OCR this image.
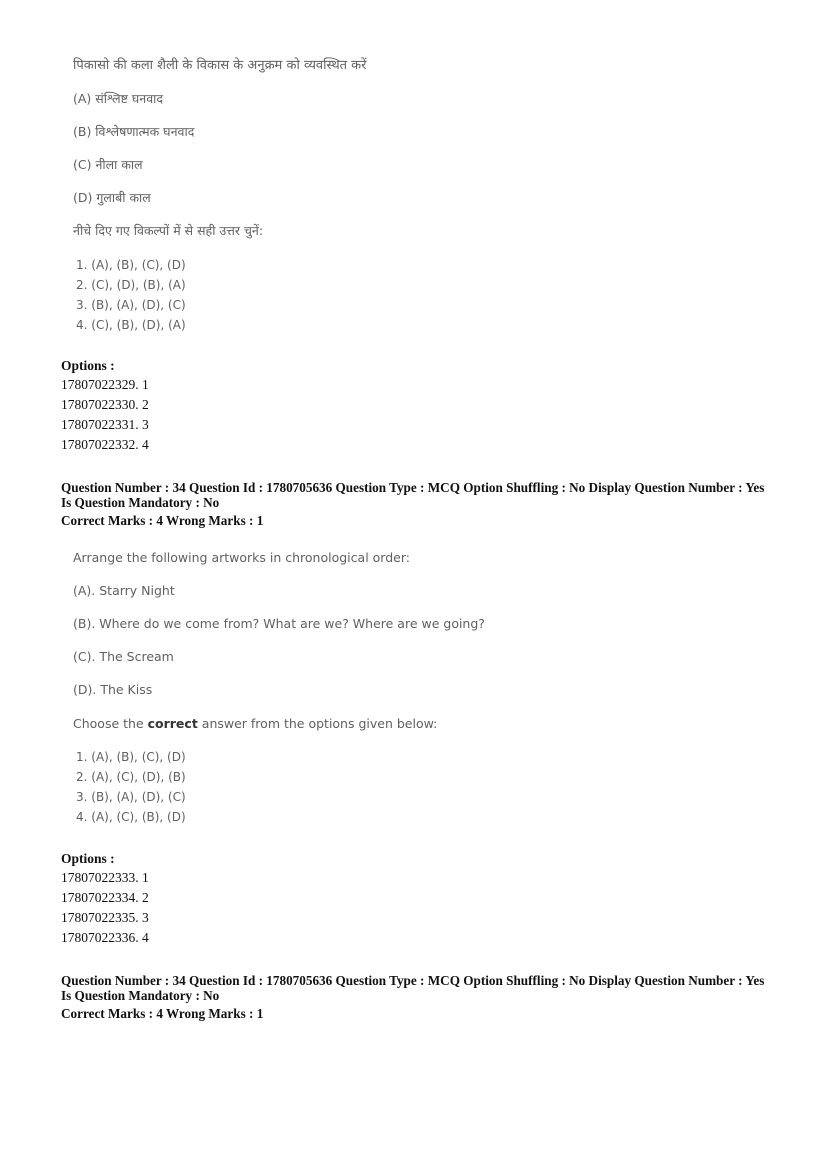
पिकासो की कला शैली के विकास के अनुक्रम को व्यवस्थित करें
(A) संश्लिष्ट घनवाद
(B) विश्लेषणात्मक घनवाद
(C) नीला काल
(D) गुलाबी काल
नीचे दिए गए विकल्पों में से सही उत्तर चुनें:
1. (A), (B), (C), (D)
2. (C), (D), (B), (A)
3. (B), (A), (D), (C)
4. (C), (B), (D), (A)
Options :
17807022329. 1
17807022330. 2
17807022331. 3
17807022332. 4
Question Number : 34 Question Id : 1780705636 Question Type : MCQ Option Shuffling : No Display Question Number : Yes
Is Question Mandatory : No
Correct Marks : 4 Wrong Marks : 1
Arrange the following artworks in chronological order:
(A). Starry Night
(B). Where do we come from? What are we? Where are we going?
(C). The Scream
(D). The Kiss
Choose the correct answer from the options given below:
1. (A), (B), (C), (D)
2. (A), (C), (D), (B)
3. (B), (A), (D), (C)
4. (A), (C), (B), (D)
Options :
17807022333. 1
17807022334. 2
17807022335. 3
17807022336. 4
Question Number : 34 Question Id : 1780705636 Question Type : MCQ Option Shuffling : No Display Question Number : Yes
Is Question Mandatory : No
Correct Marks : 4 Wrong Marks : 1
